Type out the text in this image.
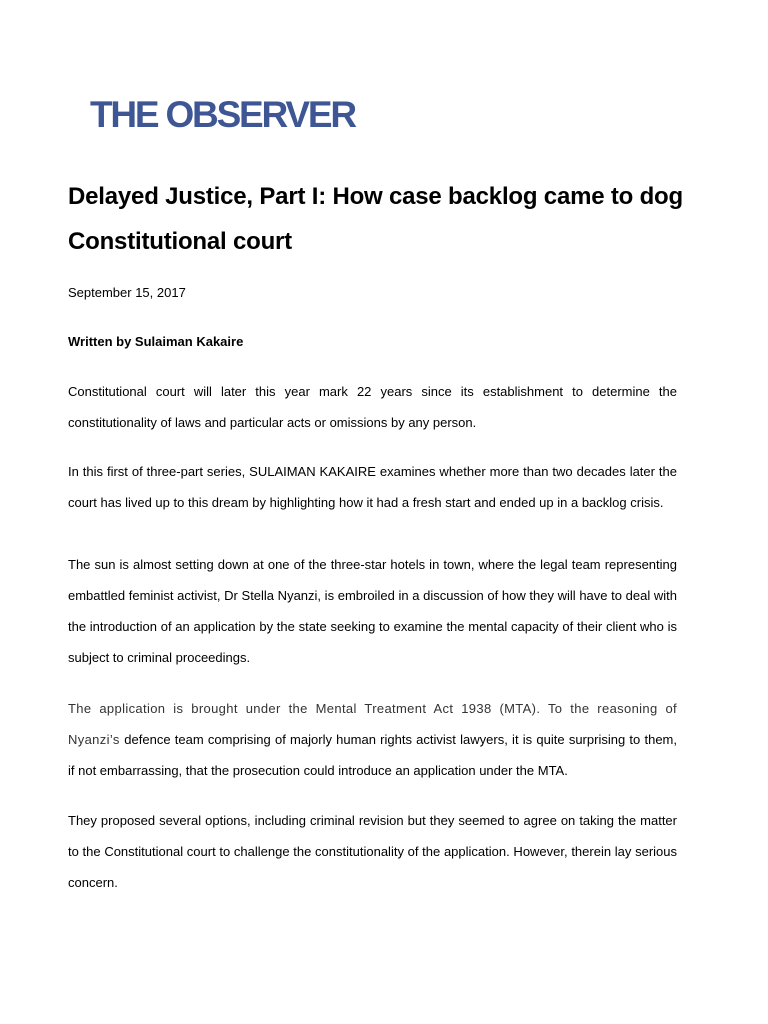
THE OBSERVER
Delayed Justice, Part I: How case backlog came to dog Constitutional court

September 15, 2017

Written by Sulaiman Kakaire

Constitutional court will later this year mark 22 years since its establishment to determine the constitutionality of laws and particular acts or omissions by any person.

In this first of three-part series, SULAIMAN KAKAIRE examines whether more than two decades later the court has lived up to this dream by highlighting how it had a fresh start and ended up in a backlog crisis.

The sun is almost setting down at one of the three-star hotels in town, where the legal team representing embattled feminist activist, Dr Stella Nyanzi, is embroiled in a discussion of how they will have to deal with the introduction of an application by the state seeking to examine the mental capacity of their client who is subject to criminal proceedings.

The application is brought under the Mental Treatment Act 1938 (MTA). To the reasoning of Nyanzi’s defence team comprising of majorly human rights activist lawyers, it is quite surprising to them, if not embarrassing, that the prosecution could introduce an application under the MTA.

They proposed several options, including criminal revision but they seemed to agree on taking the matter to the Constitutional court to challenge the constitutionality of the application. However, therein lay serious concern.
